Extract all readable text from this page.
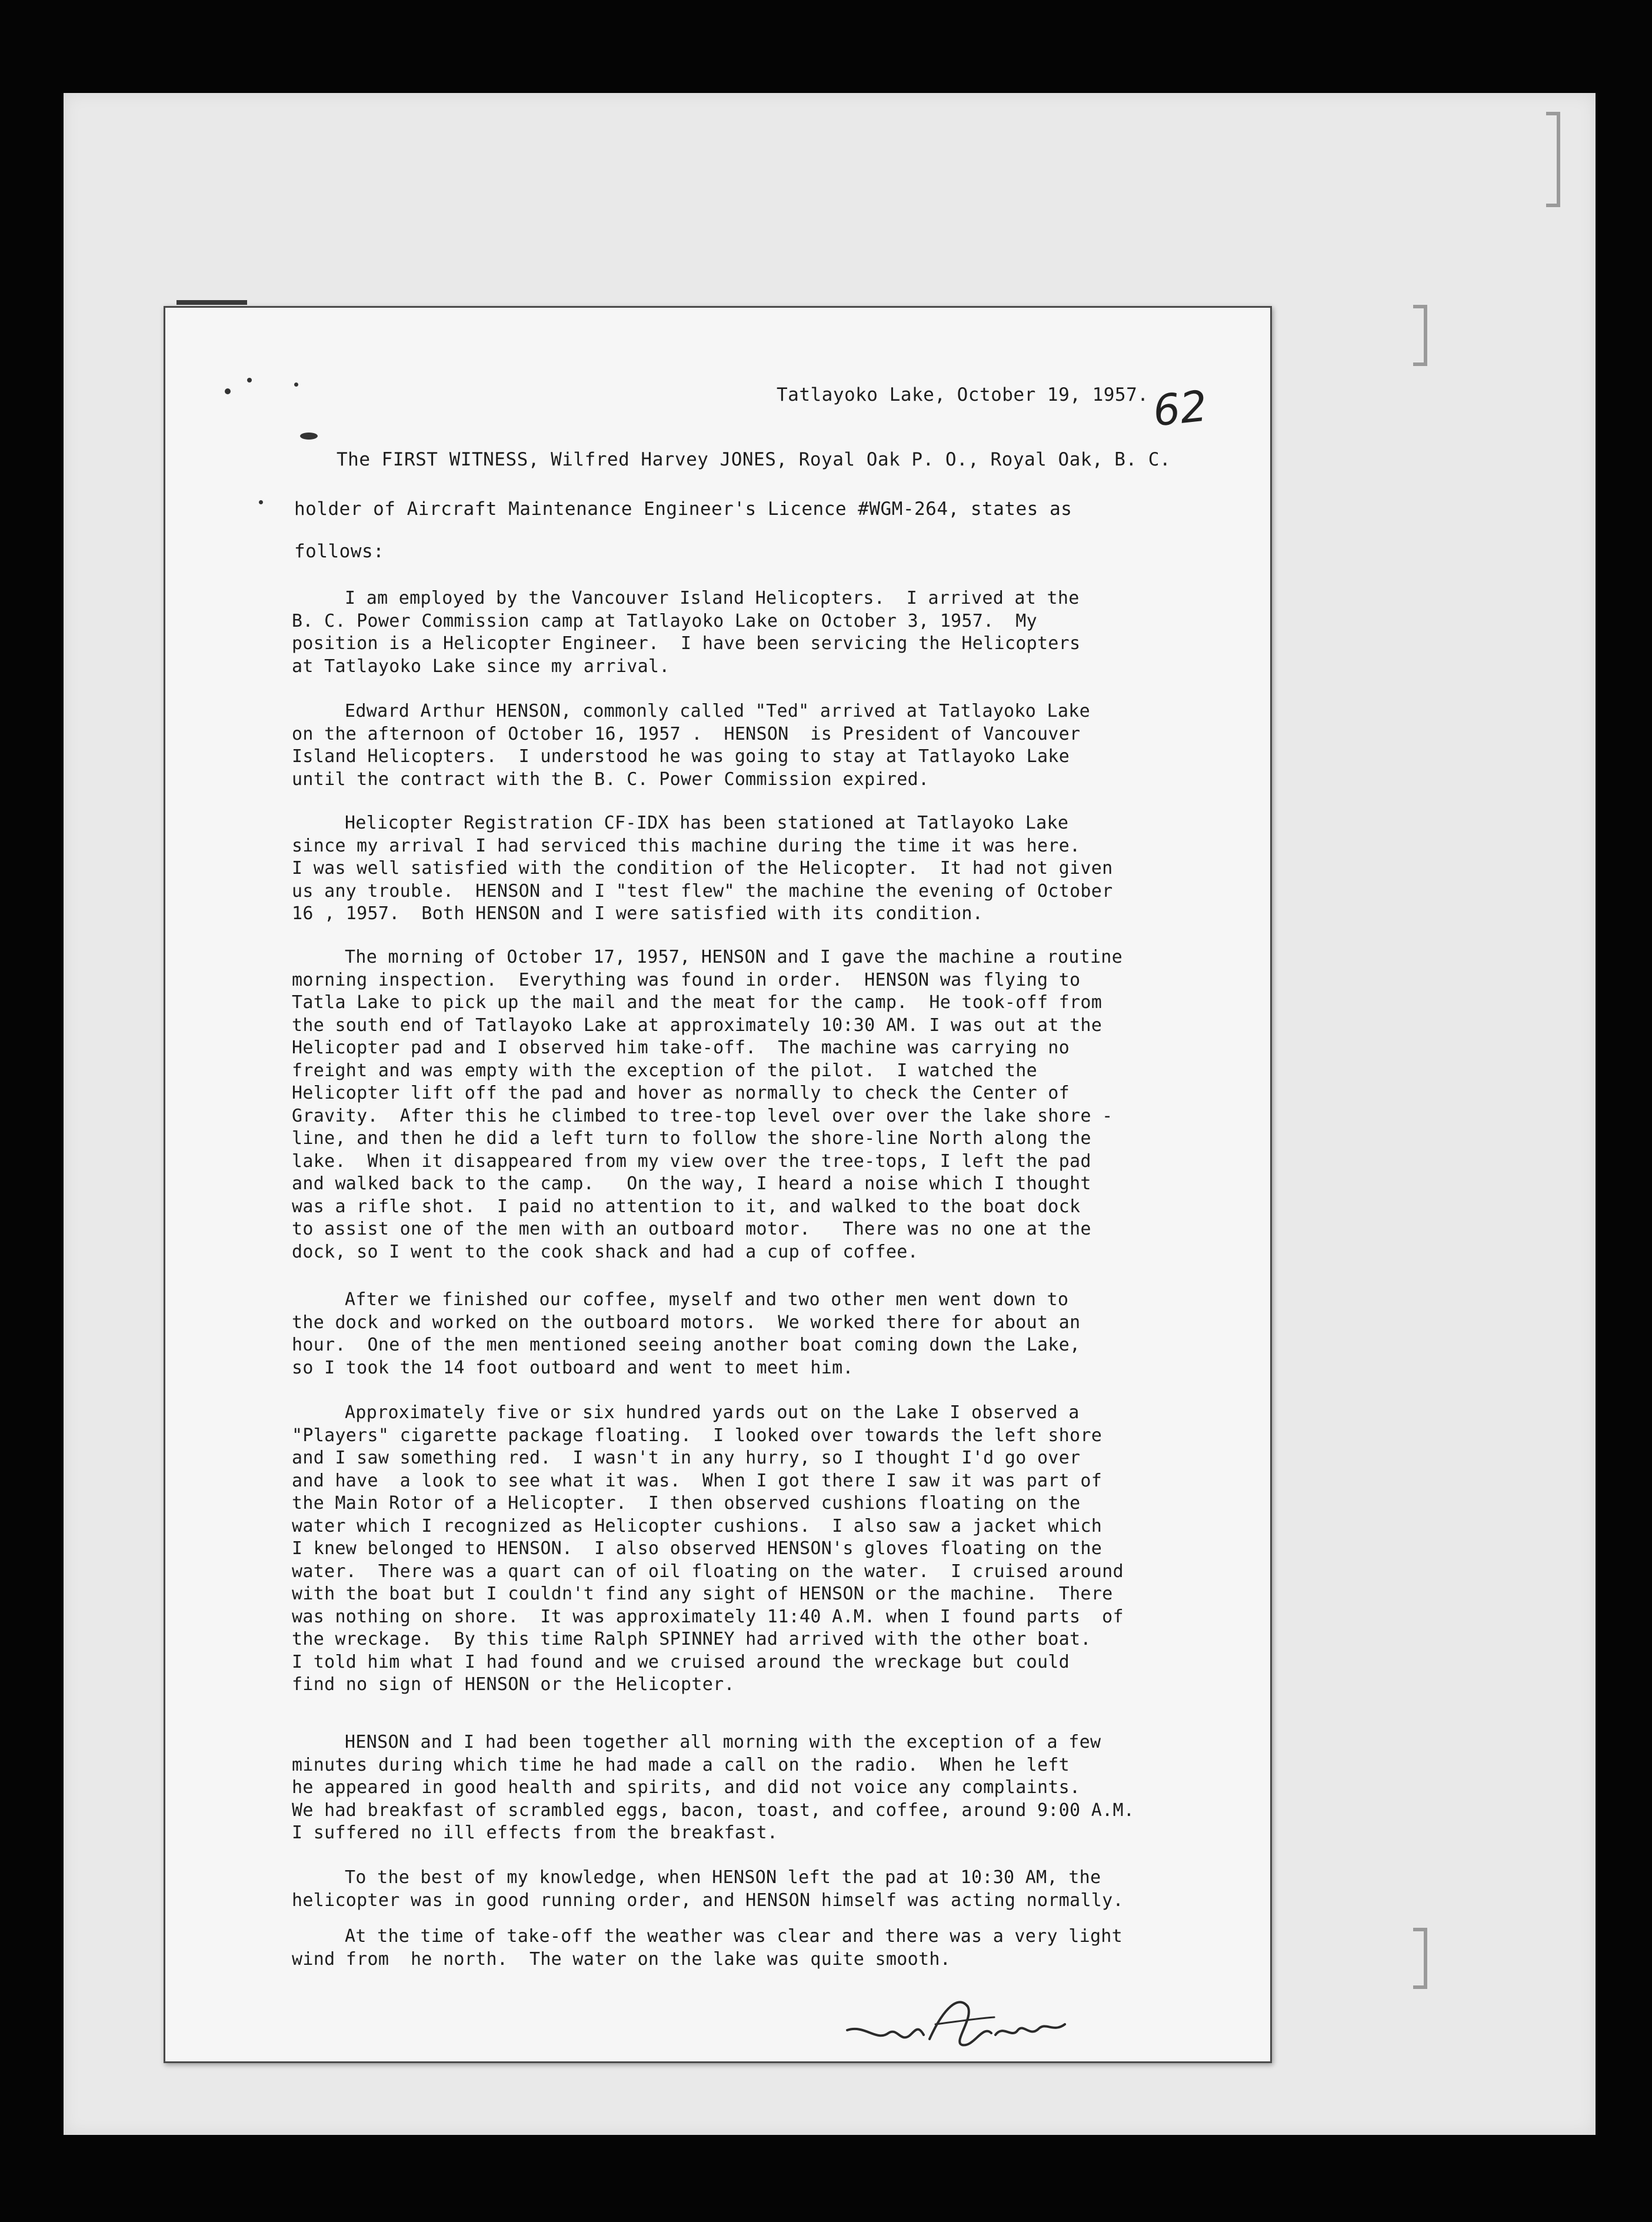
Tatlayoko Lake, October 19, 1957. 62
The FIRST WITNESS, Wilfred Harvey JONES, Royal Oak P. O., Royal Oak, B. C.
holder of Aircraft Maintenance Engineer's Licence #WGM-264, states as
follows:
I am employed by the Vancouver Island Helicopters.  I arrived at the
B. C. Power Commission camp at Tatlayoko Lake on October 3, 1957.  My
position is a Helicopter Engineer.  I have been servicing the Helicopters
at Tatlayoko Lake since my arrival.
Edward Arthur HENSON, commonly called "Ted" arrived at Tatlayoko Lake
on the afternoon of October 16, 1957 .  HENSON  is President of Vancouver
Island Helicopters.  I understood he was going to stay at Tatlayoko Lake
until the contract with the B. C. Power Commission expired.
Helicopter Registration CF-IDX has been stationed at Tatlayoko Lake
since my arrival I had serviced this machine during the time it was here.
I was well satisfied with the condition of the Helicopter.  It had not given
us any trouble.  HENSON and I "test flew" the machine the evening of October
16 , 1957.  Both HENSON and I were satisfied with its condition.
The morning of October 17, 1957, HENSON and I gave the machine a routine
morning inspection.  Everything was found in order.  HENSON was flying to
Tatla Lake to pick up the mail and the meat for the camp.  He took-off from
the south end of Tatlayoko Lake at approximately 10:30 AM. I was out at the
Helicopter pad and I observed him take-off.  The machine was carrying no
freight and was empty with the exception of the pilot.  I watched the
Helicopter lift off the pad and hover as normally to check the Center of
Gravity.  After this he climbed to tree-top level over over the lake shore -
line, and then he did a left turn to follow the shore-line North along the
lake.  When it disappeared from my view over the tree-tops, I left the pad
and walked back to the camp.   On the way, I heard a noise which I thought
was a rifle shot.  I paid no attention to it, and walked to the boat dock
to assist one of the men with an outboard motor.   There was no one at the
dock, so I went to the cook shack and had a cup of coffee.
After we finished our coffee, myself and two other men went down to
the dock and worked on the outboard motors.  We worked there for about an
hour.  One of the men mentioned seeing another boat coming down the Lake,
so I took the 14 foot outboard and went to meet him.
Approximately five or six hundred yards out on the Lake I observed a
"Players" cigarette package floating.  I looked over towards the left shore
and I saw something red.  I wasn't in any hurry, so I thought I'd go over
and have  a look to see what it was.  When I got there I saw it was part of
the Main Rotor of a Helicopter.  I then observed cushions floating on the
water which I recognized as Helicopter cushions.  I also saw a jacket which
I knew belonged to HENSON.  I also observed HENSON's gloves floating on the
water.  There was a quart can of oil floating on the water.  I cruised around
with the boat but I couldn't find any sight of HENSON or the machine.  There
was nothing on shore.  It was approximately 11:40 A.M. when I found parts  of
the wreckage.  By this time Ralph SPINNEY had arrived with the other boat.
I told him what I had found and we cruised around the wreckage but could
find no sign of HENSON or the Helicopter.
HENSON and I had been together all morning with the exception of a few
minutes during which time he had made a call on the radio.  When he left
he appeared in good health and spirits, and did not voice any complaints.
We had breakfast of scrambled eggs, bacon, toast, and coffee, around 9:00 A.M.
I suffered no ill effects from the breakfast.
To the best of my knowledge, when HENSON left the pad at 10:30 AM, the
helicopter was in good running order, and HENSON himself was acting normally.
At the time of take-off the weather was clear and there was a very light
wind from  he north.  The water on the lake was quite smooth.
